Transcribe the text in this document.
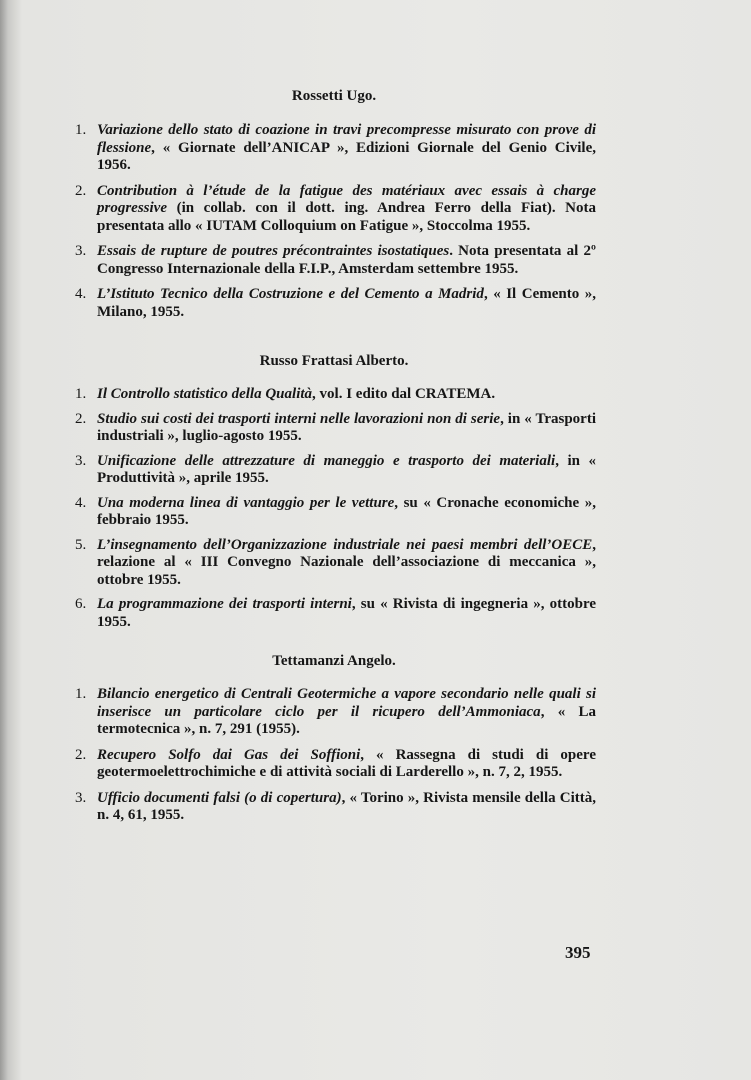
Rossetti Ugo.
1. Variazione dello stato di coazione in travi precompresse misurato con prove di flessione, « Giornate dell’ANICAP », Edizioni Giornale del Genio Civile, 1956.
2. Contribution à l’étude de la fatigue des matériaux avec essais à charge progressive (in collab. con il dott. ing. Andrea Ferro della Fiat). Nota presentata allo « IUTAM Colloquium on Fatigue », Stoccolma 1955.
3. Essais de rupture de poutres précontraintes isostatiques. Nota presentata al 2º Congresso Internazionale della F.I.P., Amsterdam settembre 1955.
4. L’Istituto Tecnico della Costruzione e del Cemento a Madrid, « Il Cemento », Milano, 1955.
Russo Frattasi Alberto.
1. Il Controllo statistico della Qualità, vol. I edito dal CRATEMA.
2. Studio sui costi dei trasporti interni nelle lavorazioni non di serie, in « Trasporti industriali », luglio-agosto 1955.
3. Unificazione delle attrezzature di maneggio e trasporto dei materiali, in « Produttività », aprile 1955.
4. Una moderna linea di vantaggio per le vetture, su « Cronache economiche », febbraio 1955.
5. L’insegnamento dell’Organizzazione industriale nei paesi membri dell’OECE, relazione al « III Convegno Nazionale dell’associazione di meccanica », ottobre 1955.
6. La programmazione dei trasporti interni, su « Rivista di ingegneria », ottobre 1955.
Tettamanzi Angelo.
1. Bilancio energetico di Centrali Geotermiche a vapore secondario nelle quali si inserisce un particolare ciclo per il ricupero dell’Ammoniaca, « La termotecnica », n. 7, 291 (1955).
2. Recupero Solfo dai Gas dei Soffioni, « Rassegna di studi di opere geotermoelettrochimiche e di attività sociali di Larderello », n. 7, 2, 1955.
3. Ufficio documenti falsi (o di copertura), « Torino », Rivista mensile della Città, n. 4, 61, 1955.
395
